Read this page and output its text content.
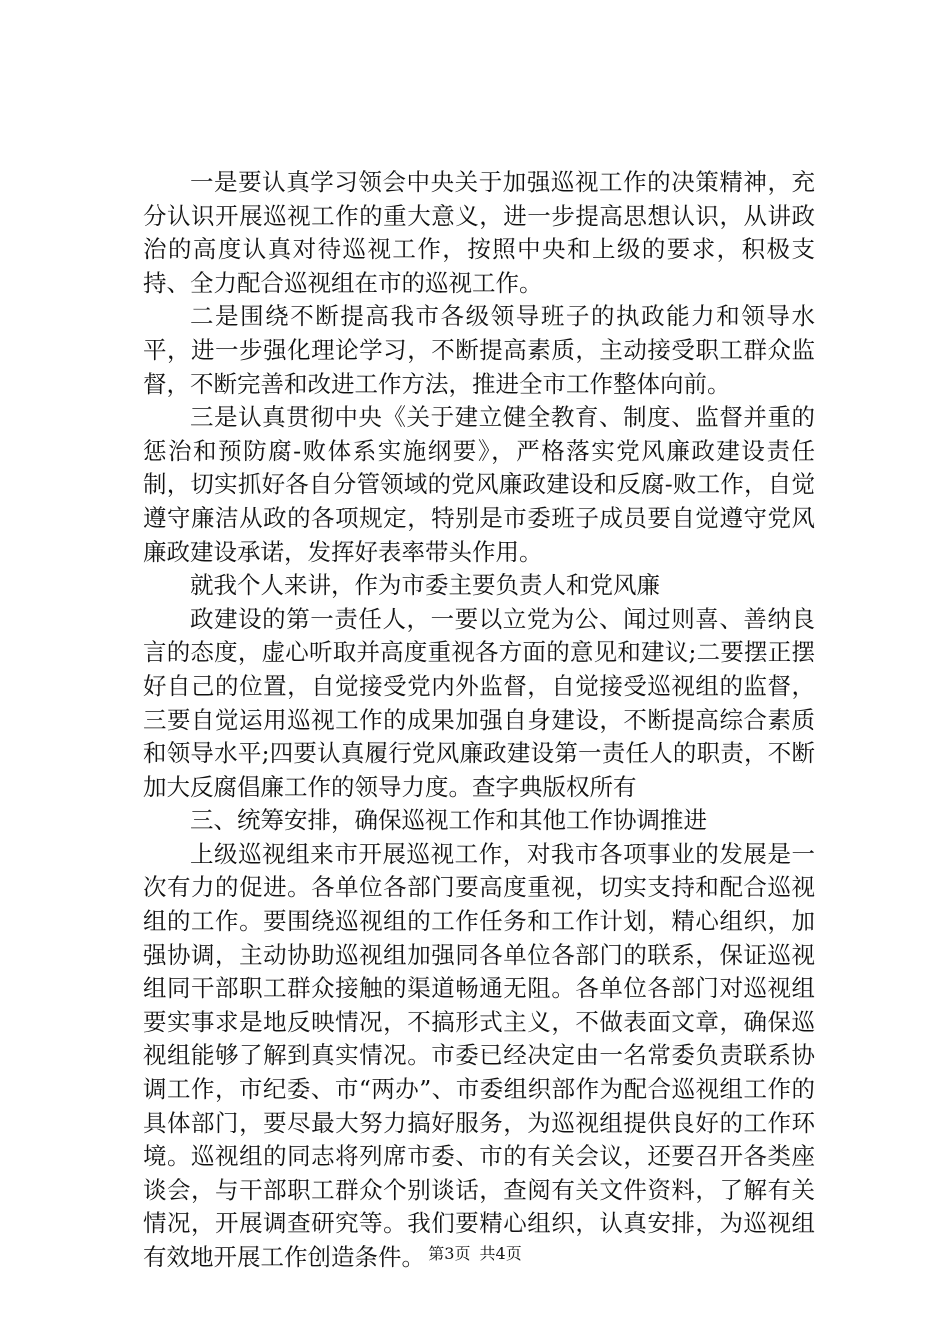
一是要认真学习领会中央关于加强巡视工作的决策精神，充分认识开展巡视工作的重大意义，进一步提高思想认识，从讲政治的高度认真对待巡视工作，按照中央和上级的要求，积极支持、全力配合巡视组在市的巡视工作。

二是围绕不断提高我市各级领导班子的执政能力和领导水平，进一步强化理论学习，不断提高素质，主动接受职工群众监督，不断完善和改进工作方法，推进全市工作整体向前。

三是认真贯彻中央《关于建立健全教育、制度、监督并重的惩治和预防腐-败体系实施纲要》，严格落实党风廉政建设责任制，切实抓好各自分管领域的党风廉政建设和反腐-败工作，自觉遵守廉洁从政的各项规定，特别是市委班子成员要自觉遵守党风廉政建设承诺，发挥好表率带头作用。

就我个人来讲，作为市委主要负责人和党风廉

政建设的第一责任人，一要以立党为公、闻过则喜、善纳良言的态度，虚心听取并高度重视各方面的意见和建议;二要摆正摆好自己的位置，自觉接受党内外监督，自觉接受巡视组的监督，三要自觉运用巡视工作的成果加强自身建设，不断提高综合素质和领导水平;四要认真履行党风廉政建设第一责任人的职责，不断加大反腐倡廉工作的领导力度。查字典版权所有

三、统筹安排，确保巡视工作和其他工作协调推进

上级巡视组来市开展巡视工作，对我市各项事业的发展是一次有力的促进。各单位各部门要高度重视，切实支持和配合巡视组的工作。要围绕巡视组的工作任务和工作计划，精心组织，加强协调，主动协助巡视组加强同各单位各部门的联系，保证巡视组同干部职工群众接触的渠道畅通无阻。各单位各部门对巡视组要实事求是地反映情况，不搞形式主义，不做表面文章，确保巡视组能够了解到真实情况。市委已经决定由一名常委负责联系协调工作，市纪委、市“两办”、市委组织部作为配合巡视组工作的具体部门，要尽最大努力搞好服务，为巡视组提供良好的工作环境。巡视组的同志将列席市委、市的有关会议，还要召开各类座谈会，与干部职工群众个别谈话，查阅有关文件资料，了解有关情况，开展调查研究等。我们要精心组织，认真安排，为巡视组有效地开展工作创造条件。 第3页 共4页
